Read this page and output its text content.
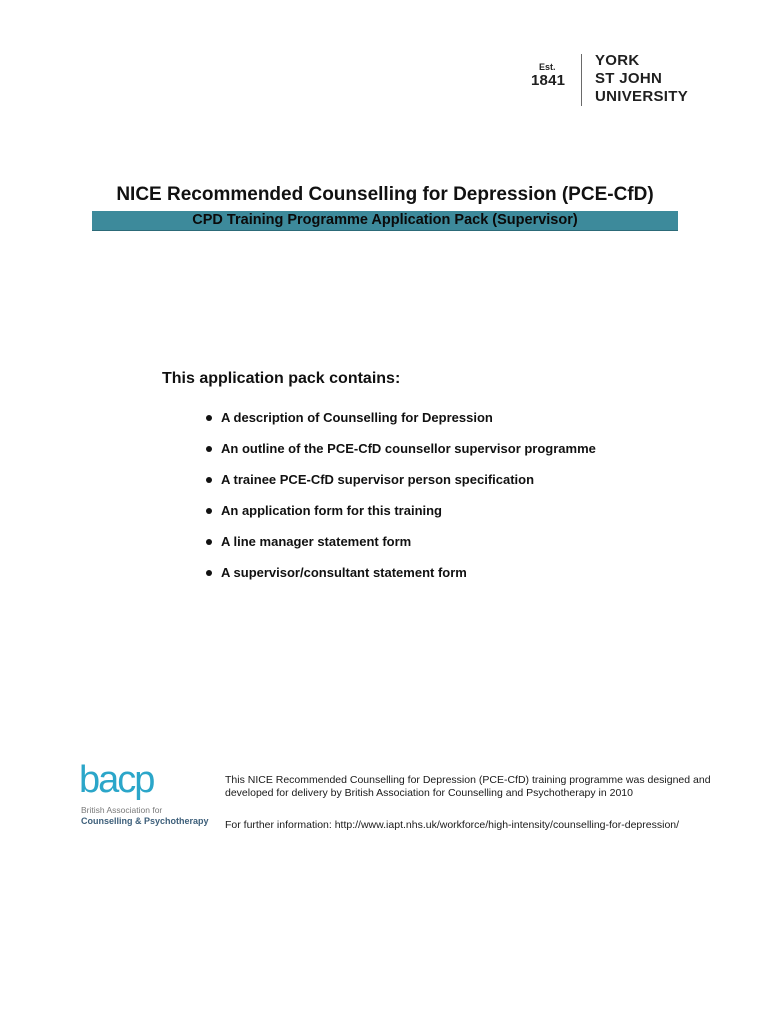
Est.
1841
YORK
ST JOHN
UNIVERSITY
NICE Recommended Counselling for Depression (PCE-CfD)
CPD Training Programme Application Pack (Supervisor)
This application pack contains:
A description of Counselling for Depression
An outline of the PCE-CfD counsellor supervisor programme
A trainee PCE-CfD supervisor person specification
An application form for this training
A line manager statement form
A supervisor/consultant statement form
bacp
British Association for
Counselling & Psychotherapy

This NICE Recommended Counselling for Depression (PCE-CfD) training programme was designed and developed for delivery by British Association for Counselling and Psychotherapy in 2010

For further information: http://www.iapt.nhs.uk/workforce/high-intensity/counselling-for-depression/
